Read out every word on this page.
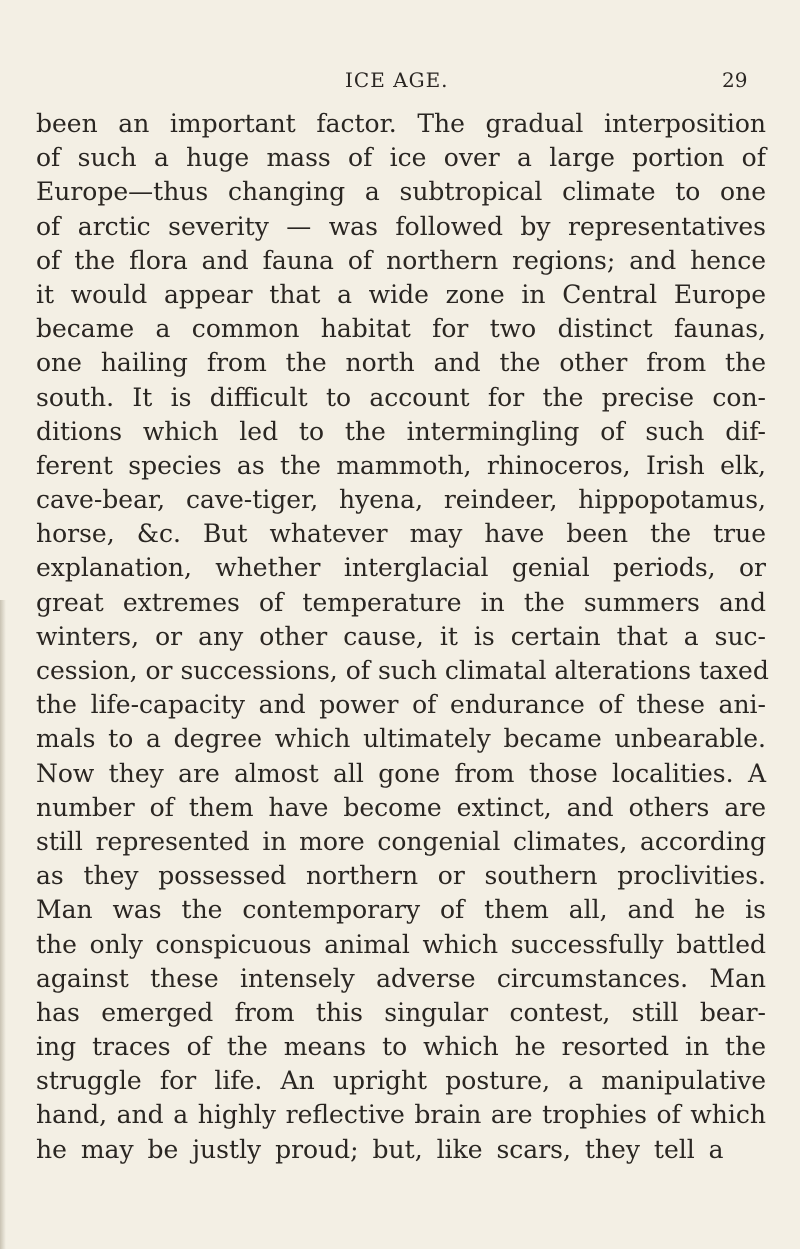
ICE AGE.	29
been an important factor. The gradual interposition
of such a huge mass of ice over a large portion of
Europe—thus changing a subtropical climate to one
of arctic severity — was followed by representatives
of the flora and fauna of northern regions; and hence
it would appear that a wide zone in Central Europe
became a common habitat for two distinct faunas,
one hailing from the north and the other from the
south. It is difficult to account for the precise con-
ditions which led to the intermingling of such dif-
ferent species as the mammoth, rhinoceros, Irish elk,
cave-bear, cave-tiger, hyena, reindeer, hippopotamus,
horse, &c. But whatever may have been the true
explanation, whether interglacial genial periods, or
great extremes of temperature in the summers and
winters, or any other cause, it is certain that a suc-
cession, or successions, of such climatal alterations taxed
the life-capacity and power of endurance of these ani-
mals to a degree which ultimately became unbearable.
Now they are almost all gone from those localities. A
number of them have become extinct, and others are
still represented in more congenial climates, according
as they possessed northern or southern proclivities.
Man was the contemporary of them all, and he is
the only conspicuous animal which successfully battled
against these intensely adverse circumstances. Man
has emerged from this singular contest, still bear-
ing traces of the means to which he resorted in the
struggle for life. An upright posture, a manipulative
hand, and a highly reflective brain are trophies of which
he may be justly proud; but, like scars, they tell a
